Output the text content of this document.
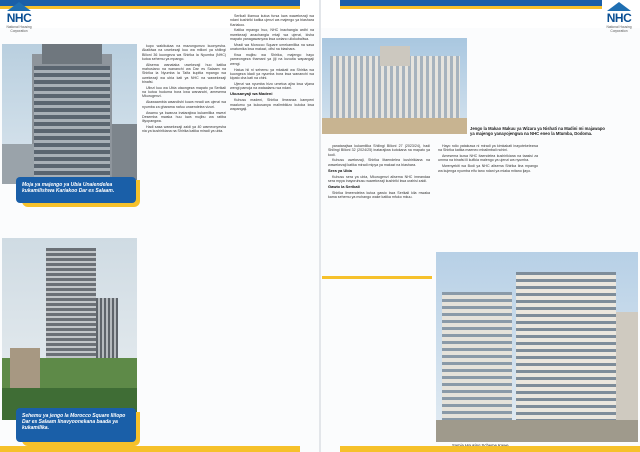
NHC
National Housing Corporation
NHC
National Housing Corporation
Moja ya majengo ya Ubia Unaiendelea kukamilishwa Kariakoo Dar es Salaam.
Sehemu ya jengo la Morocco Square Ililopo Dar es Salaam linavyoonekana baada ya kukamilika.

kupo wakikukaa na mazungumzo kuonyesha. Akaikiwa na uwekezaji kuu wa milioni ya shilingi Bilioni 36 kuongeza wa Shirika la Nyumba (NHC) kutoa sehemu ya mpango.

Alisema wanataka uwekezaji huo katika mahusiano na wananchi wa Dar es Salaam na Shirika la Nyumba la Taifa kupitia mpango wa uwekezaji wa ubia kati ya NHC na wawekezaji binafsi.

Ulinzi kuu wa Ubia utaongeza mapato ya Serikali na kutoa huduma bora kwa wananchi, amesema Mkurugenzi.

Akawaambia waandishi kuwa mradi wa ujenzi wa nyumba za gharama nafuu unaendelea vizuri.

Awamu ya kwanza inatarajiwa kukamilika mwezi Desemba mwaka huu kwa mujibu wa ratiba iliyopangwa.

Hadi sasa wawekezaji zaidi ya 40 wameonyesha nia ya kushirikiana na Shirika katika miradi ya ubia.

Serikali iliamua kutoa fursa kwa wawekezaji wa ndani kushiriki katika ujenzi wa majengo ya biashara Kariakoo.

Katika mpango huo, NHC inachangia ardhi na mwekezaji anachangia mtaji wa ujenzi, kisha mapato yanagawanywa kwa uwiano uliokubaliwa.

Mradi wa Morocco Square umekamilika na sasa unatumika kwa makazi, ofisi na biashara.

Kwa mujibu wa Shirika, majengo hayo yameongeza thamani ya jiji na kuvutia wapangaji wengi.

Hatua hii ni sehemu ya mkakati wa Shirika wa kuongeza idadi ya nyumba bora kwa wananchi wa kipato cha kati na chini.

Ujenzi wa nyumba hizo umetoa ajira kwa vijana wengi pamoja na wataalamu wa ndani.

Ukusanyaji wa Madeni

Kuhusu madeni, Shirika limeanza kampeni maalumu ya kukusanya malimbikizo kutoka kwa wapangaji.

Jengo la Makao Makuu ya Wizara ya Nishati na Madini mi majawapo ya majengo yanayojengwa na NHC eneo la Mtumba, Dodoma.

yanatarajiwa kukamilika Shilingi Bilioni 27 (2023/24), hadi Shilingi Bilioni 32 (2024/25) inatarajiwa kutokana na mapato ya kodi.

Kuhusu uwekezaji, Shirika litaendelea kushirikiana na wawekezaji katika miradi mipya ya makazi na biashara.

Sera ya Ubia

Kuhusu sera ya ubia, Mkurugenzi alisema NHC imeandaa sera mpya inayoruhusu wawekezaji kushiriki kwa urahisi zaidi.

Gawio la Serikali

Shirika limeendelea kutoa gawio kwa Serikali kila mwaka kama sehemu ya mchango wake katika mfuko mkuu.

Hayo ndio yatakuwa ni miradi ya kimkakati inayotekelezwa na Shirika katika maeneo mbalimbali nchini.

Amesema kuwa NHC itaendelea kushirikiana na taasisi za umma na binafsi ili kufikia malengo ya ujenzi wa nyumba.

Mwenyekiti wa Bodi ya NHC alisema Shirika lina mpango wa kujenga nyumba elfu tano ndani ya miaka mitano ijayo.
